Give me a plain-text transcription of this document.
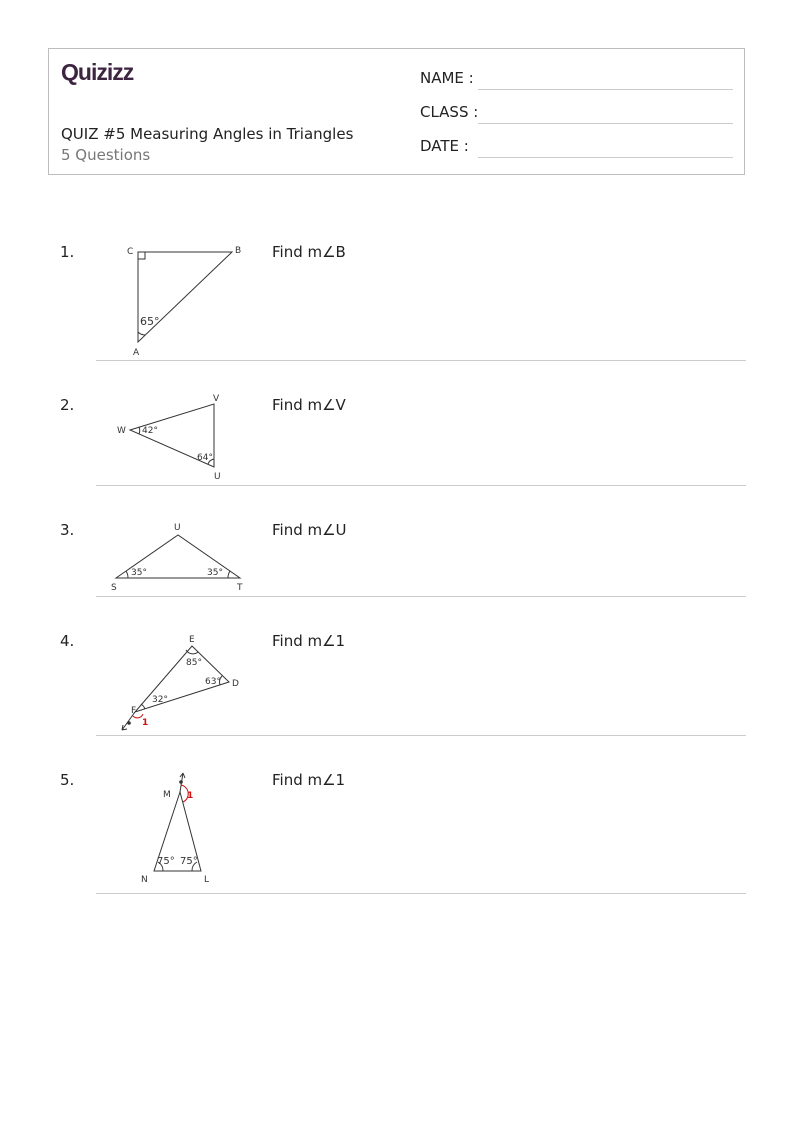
Quizizz
QUIZ #5 Measuring Angles in Triangles
5 Questions
NAME :
CLASS :
DATE :
1.	Find m∠B
2.	Find m∠V
3.	Find m∠U
4.	Find m∠1
5.	Find m∠1
C	B
A
65°
W
V
U
42°
64°
U
S	T
35°	35°
E
D
F
85°
63°
32°
1
M
N	L
75° 75°
1
